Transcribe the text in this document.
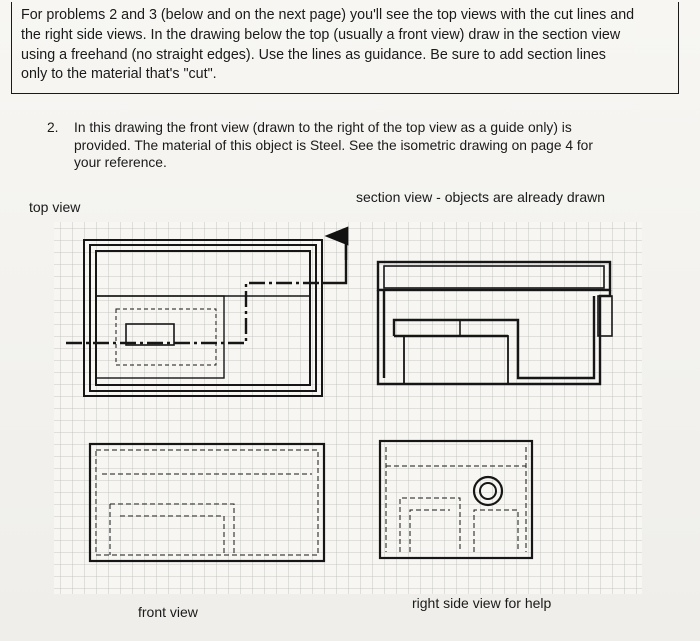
For problems 2 and 3 (below and on the next page) you'll see the top views with the cut lines and
the right side views. In the drawing below the top (usually a front view) draw in the section view
using a freehand (no straight edges). Use the lines as guidance. Be sure to add section lines
only to the material that's "cut".
2. In this drawing the front view (drawn to the right of the top view as a guide only) is
provided. The material of this object is Steel. See the isometric drawing on page 4 for
your reference.
top view
section view - objects are already drawn
front view
right side view for help
